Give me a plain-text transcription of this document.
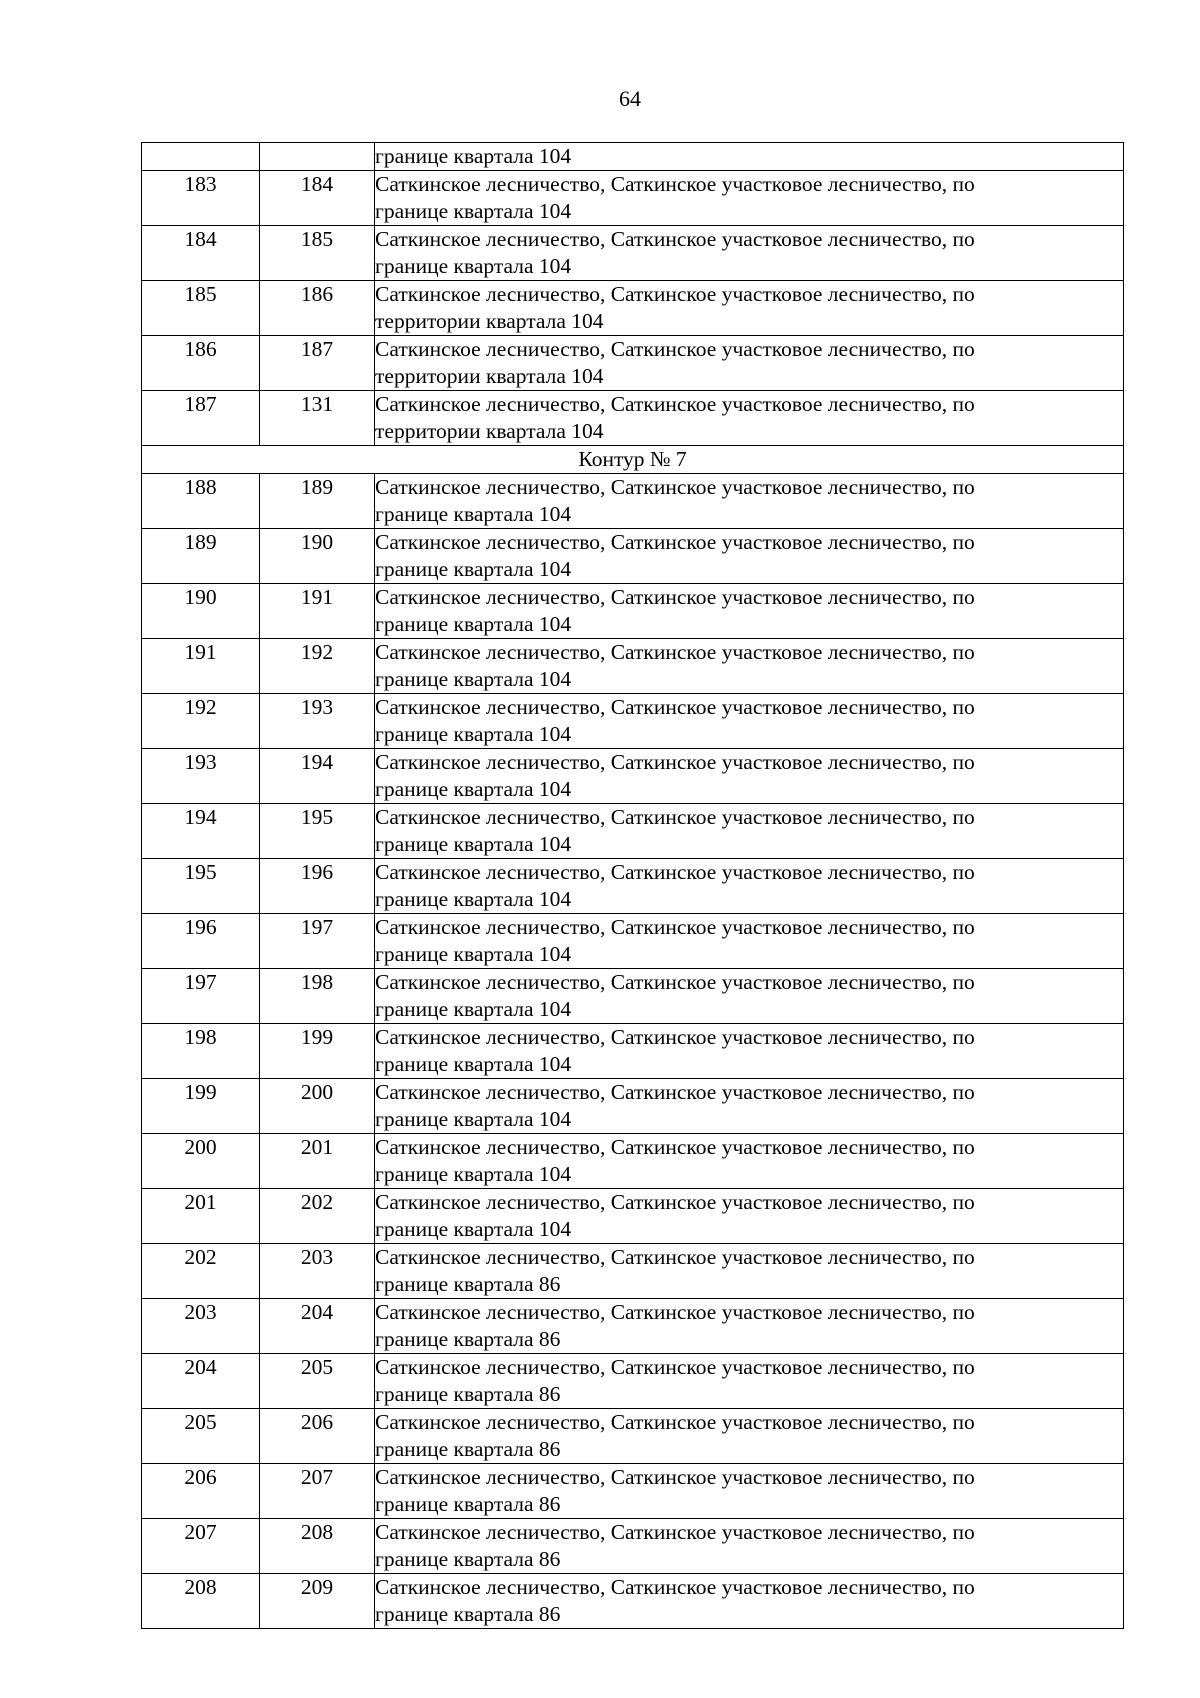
64
		границе квартала 104
183	184	Саткинское лесничество, Саткинское участковое лесничество, по
границе квартала 104

184	185	Саткинское лесничество, Саткинское участковое лесничество, по
границе квартала 104

185	186	Саткинское лесничество, Саткинское участковое лесничество, по
территории квартала 104

186	187	Саткинское лесничество, Саткинское участковое лесничество, по
территории квартала 104

187	131	Саткинское лесничество, Саткинское участковое лесничество, по
территории квартала 104

Контур № 7		
188	189	Саткинское лесничество, Саткинское участковое лесничество, по
границе квартала 104

189	190	Саткинское лесничество, Саткинское участковое лесничество, по
границе квартала 104

190	191	Саткинское лесничество, Саткинское участковое лесничество, по
границе квартала 104

191	192	Саткинское лесничество, Саткинское участковое лесничество, по
границе квартала 104

192	193	Саткинское лесничество, Саткинское участковое лесничество, по
границе квартала 104

193	194	Саткинское лесничество, Саткинское участковое лесничество, по
границе квартала 104

194	195	Саткинское лесничество, Саткинское участковое лесничество, по
границе квартала 104

195	196	Саткинское лесничество, Саткинское участковое лесничество, по
границе квартала 104

196	197	Саткинское лесничество, Саткинское участковое лесничество, по
границе квартала 104

197	198	Саткинское лесничество, Саткинское участковое лесничество, по
границе квартала 104

198	199	Саткинское лесничество, Саткинское участковое лесничество, по
границе квартала 104

199	200	Саткинское лесничество, Саткинское участковое лесничество, по
границе квартала 104

200	201	Саткинское лесничество, Саткинское участковое лесничество, по
границе квартала 104

201	202	Саткинское лесничество, Саткинское участковое лесничество, по
границе квартала 104

202	203	Саткинское лесничество, Саткинское участковое лесничество, по
границе квартала 86

203	204	Саткинское лесничество, Саткинское участковое лесничество, по
границе квартала 86

204	205	Саткинское лесничество, Саткинское участковое лесничество, по
границе квартала 86

205	206	Саткинское лесничество, Саткинское участковое лесничество, по
границе квартала 86

206	207	Саткинское лесничество, Саткинское участковое лесничество, по
границе квартала 86

207	208	Саткинское лесничество, Саткинское участковое лесничество, по
границе квартала 86

208	209	Саткинское лесничество, Саткинское участковое лесничество, по
границе квартала 86
